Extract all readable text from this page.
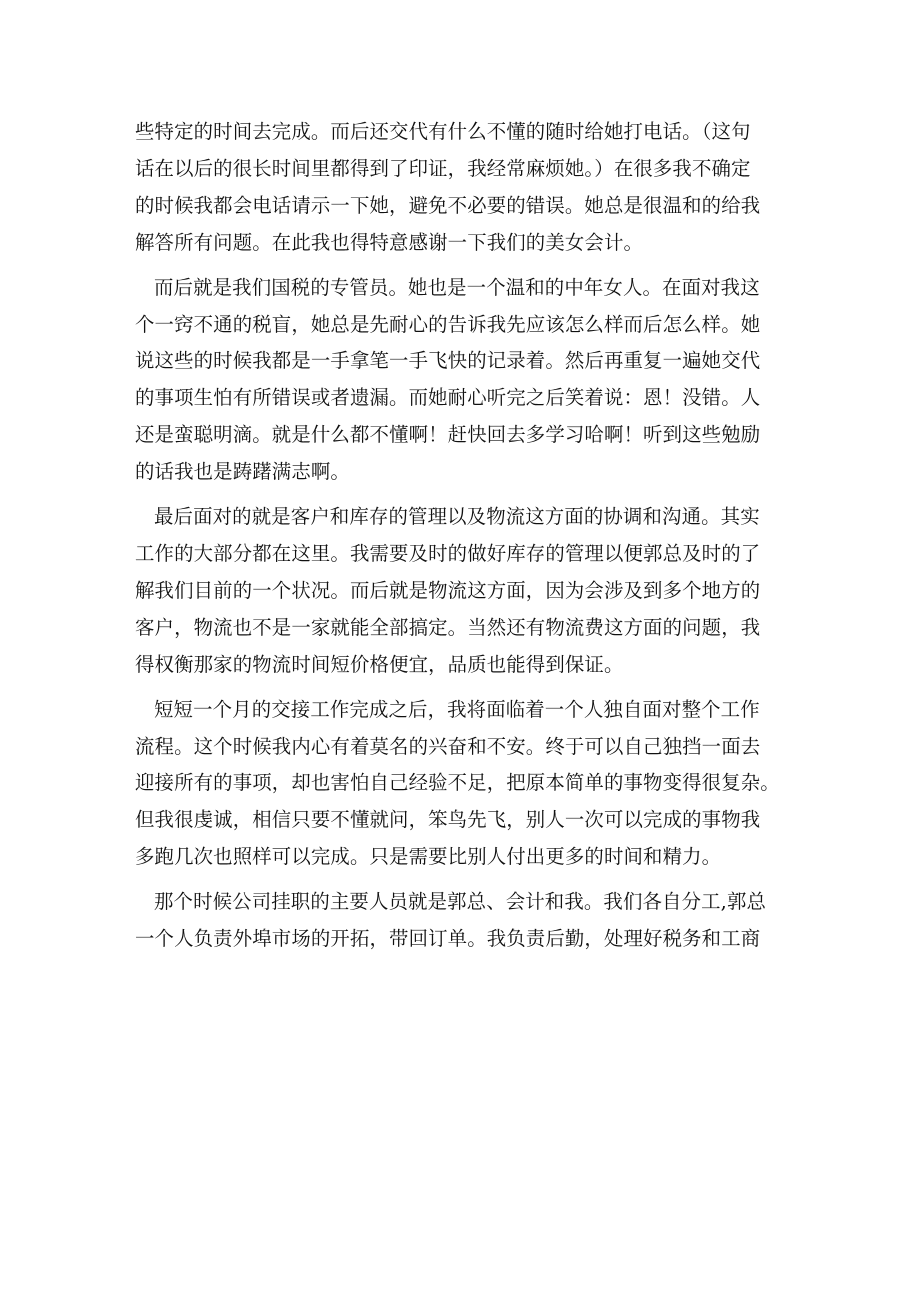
些特定的时间去完成。而后还交代有什么不懂的随时给她打电话。（这句
话在以后的很长时间里都得到了印证，我经常麻烦她。）在很多我不确定
的时候我都会电话请示一下她，避免不必要的错误。她总是很温和的给我
解答所有问题。在此我也得特意感谢一下我们的美女会计。

而后就是我们国税的专管员。她也是一个温和的中年女人。在面对我这
个一窍不通的税盲，她总是先耐心的告诉我先应该怎么样而后怎么样。她
说这些的时候我都是一手拿笔一手飞快的记录着。然后再重复一遍她交代
的事项生怕有所错误或者遗漏。而她耐心听完之后笑着说：恩！没错。人
还是蛮聪明滴。就是什么都不懂啊！赶快回去多学习哈啊！听到这些勉励
的话我也是踌躇满志啊。

最后面对的就是客户和库存的管理以及物流这方面的协调和沟通。其实
工作的大部分都在这里。我需要及时的做好库存的管理以便郭总及时的了
解我们目前的一个状况。而后就是物流这方面，因为会涉及到多个地方的
客户，物流也不是一家就能全部搞定。当然还有物流费这方面的问题，我
得权衡那家的物流时间短价格便宜，品质也能得到保证。

短短一个月的交接工作完成之后，我将面临着一个人独自面对整个工作
流程。这个时候我内心有着莫名的兴奋和不安。终于可以自己独挡一面去
迎接所有的事项，却也害怕自己经验不足，把原本简单的事物变得很复杂。
但我很虔诚，相信只要不懂就问，笨鸟先飞，别人一次可以完成的事物我
多跑几次也照样可以完成。只是需要比别人付出更多的时间和精力。

那个时候公司挂职的主要人员就是郭总、会计和我。我们各自分工,郭总
一个人负责外埠市场的开拓，带回订单。我负责后勤，处理好税务和工商
